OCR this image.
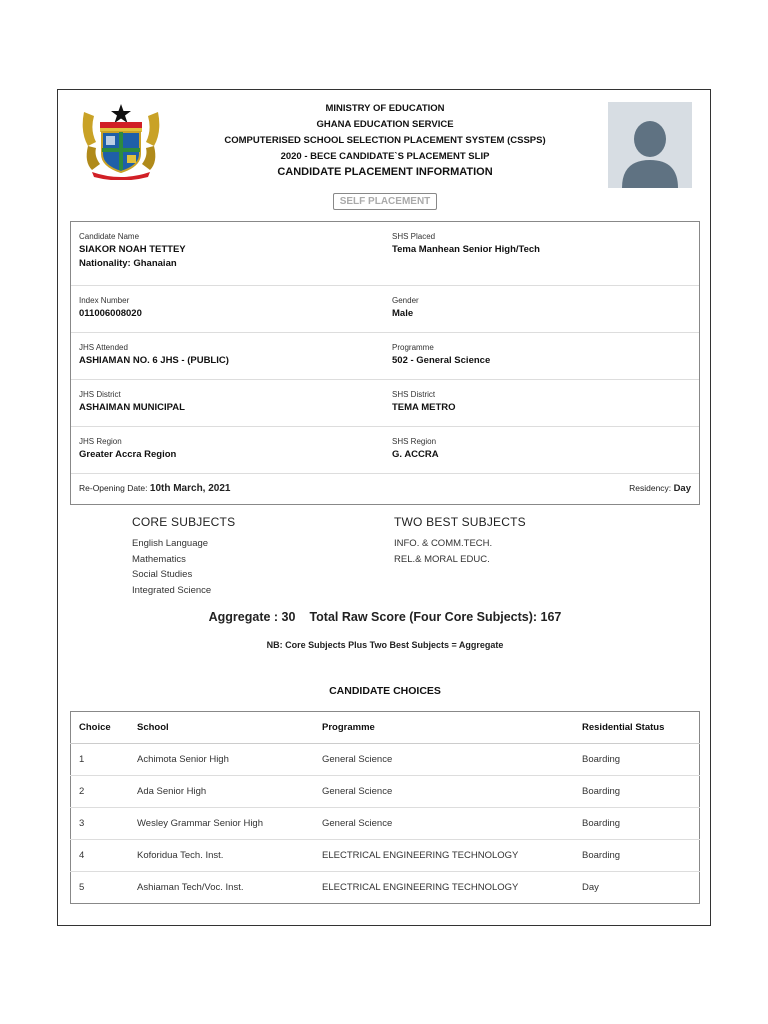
MINISTRY OF EDUCATION
GHANA EDUCATION SERVICE
COMPUTERISED SCHOOL SELECTION PLACEMENT SYSTEM (CSSPS)
2020 - BECE CANDIDATE`S PLACEMENT SLIP
CANDIDATE PLACEMENT INFORMATION
SELF PLACEMENT
Candidate Name
SIAKOR NOAH TETTEY
Nationality: Ghanaian
SHS Placed
Tema Manhean Senior High/Tech
Index Number
011006008020
Gender
Male
JHS Attended
ASHIAMAN NO. 6 JHS - (PUBLIC)
Programme
502 - General Science
JHS District
ASHAIMAN MUNICIPAL
SHS District
TEMA METRO
JHS Region
Greater Accra Region
SHS Region
G. ACCRA
Re-Opening Date: 10th March, 2021	Residency: Day
CORE SUBJECTS
English Language
Mathematics
Social Studies
Integrated Science
TWO BEST SUBJECTS
INFO. & COMM.TECH.
REL.& MORAL EDUC.
Aggregate : 30 Total Raw Score (Four Core Subjects): 167
NB: Core Subjects Plus Two Best Subjects = Aggregate
CANDIDATE CHOICES
Choice	School	Programme	Residential Status
1	Achimota Senior High	General Science	Boarding
2	Ada Senior High	General Science	Boarding
3	Wesley Grammar Senior High	General Science	Boarding
4	Koforidua Tech. Inst.	ELECTRICAL ENGINEERING TECHNOLOGY	Boarding
5	Ashiaman Tech/Voc. Inst.	ELECTRICAL ENGINEERING TECHNOLOGY	Day
